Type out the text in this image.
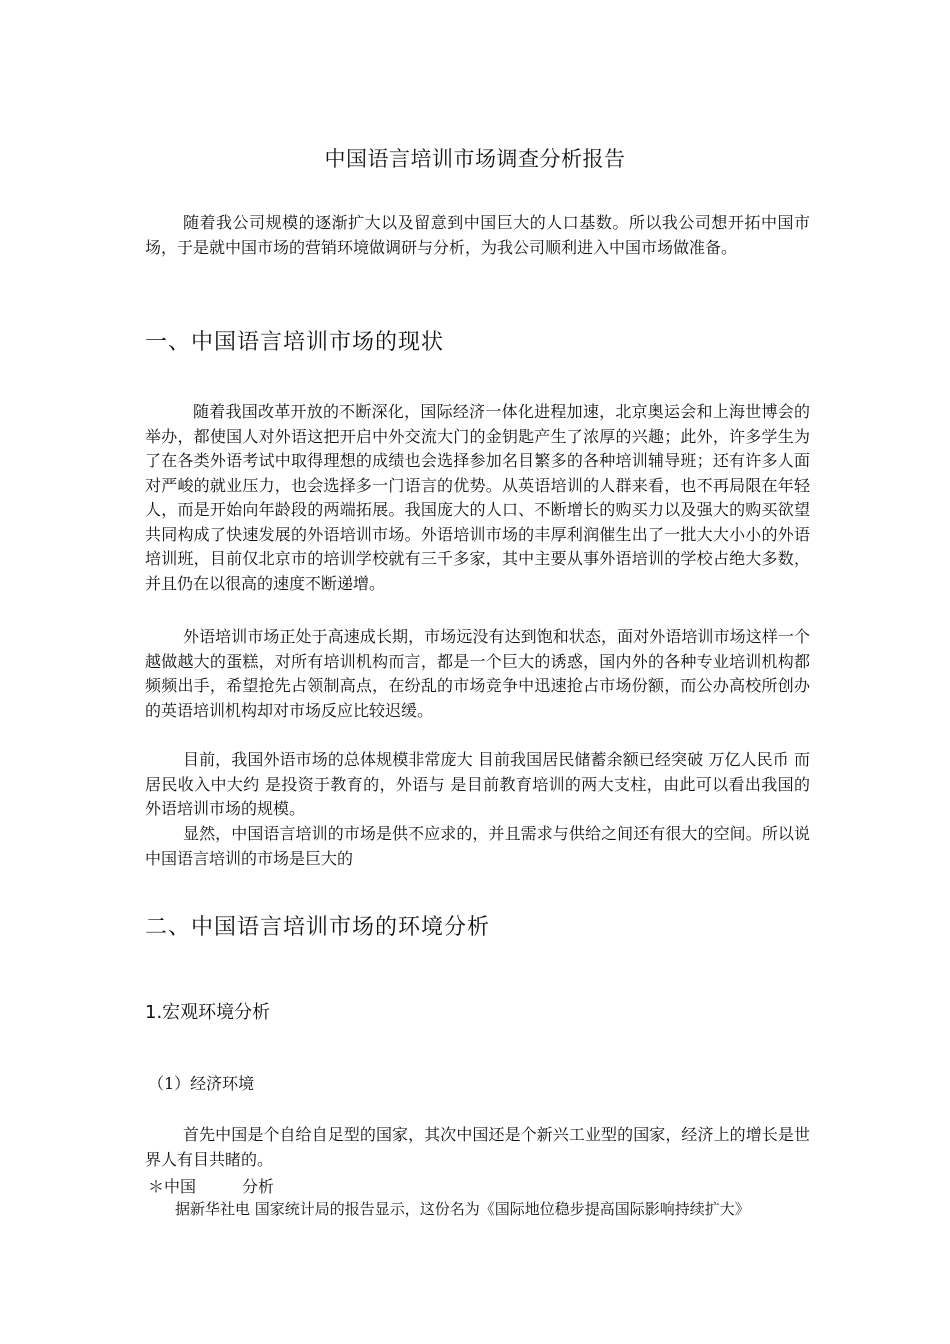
中国语言培训市场调查分析报告

随着我公司规模的逐渐扩大以及留意到中国巨大的人口基数。所以我公司想开拓中国市场，于是就中国市场的营销环境做调研与分析，为我公司顺利进入中国市场做准备。

一、中国语言培训市场的现状

随着我国改革开放的不断深化，国际经济一体化进程加速，北京奥运会和上海世博会的举办，都使国人对外语这把开启中外交流大门的金钥匙产生了浓厚的兴趣；此外，许多学生为了在各类外语考试中取得理想的成绩也会选择参加名目繁多的各种培训辅导班；还有许多人面对严峻的就业压力，也会选择多一门语言的优势。从英语培训的人群来看，也不再局限在年轻人，而是开始向年龄段的两端拓展。我国庞大的人口、不断增长的购买力以及强大的购买欲望共同构成了快速发展的外语培训市场。外语培训市场的丰厚利润催生出了一批大大小小的外语培训班，目前仅北京市的培训学校就有三千多家，其中主要从事外语培训的学校占绝大多数，并且仍在以很高的速度不断递增。

外语培训市场正处于高速成长期，市场远没有达到饱和状态，面对外语培训市场这样一个越做越大的蛋糕，对所有培训机构而言，都是一个巨大的诱惑，国内外的各种专业培训机构都频频出手，希望抢先占领制高点，在纷乱的市场竞争中迅速抢占市场份额，而公办高校所创办的英语培训机构却对市场反应比较迟缓。

目前，我国外语市场的总体规模非常庞大 目前我国居民储蓄余额已经突破 万亿人民币 而居民收入中大约 是投资于教育的，外语与 是目前教育培训的两大支柱，由此可以看出我国的外语培训市场的规模。

显然，中国语言培训的市场是供不应求的，并且需求与供给之间还有很大的空间。所以说中国语言培训的市场是巨大的

二、中国语言培训市场的环境分析
1.宏观环境分析
（1）经济环境

首先中国是个自给自足型的国家，其次中国还是个新兴工业型的国家，经济上的增长是世界人有目共睹的。

＊中国	分析
据新华社电 国家统计局的报告显示，这份名为《国际地位稳步提高国际影响持续扩大》
